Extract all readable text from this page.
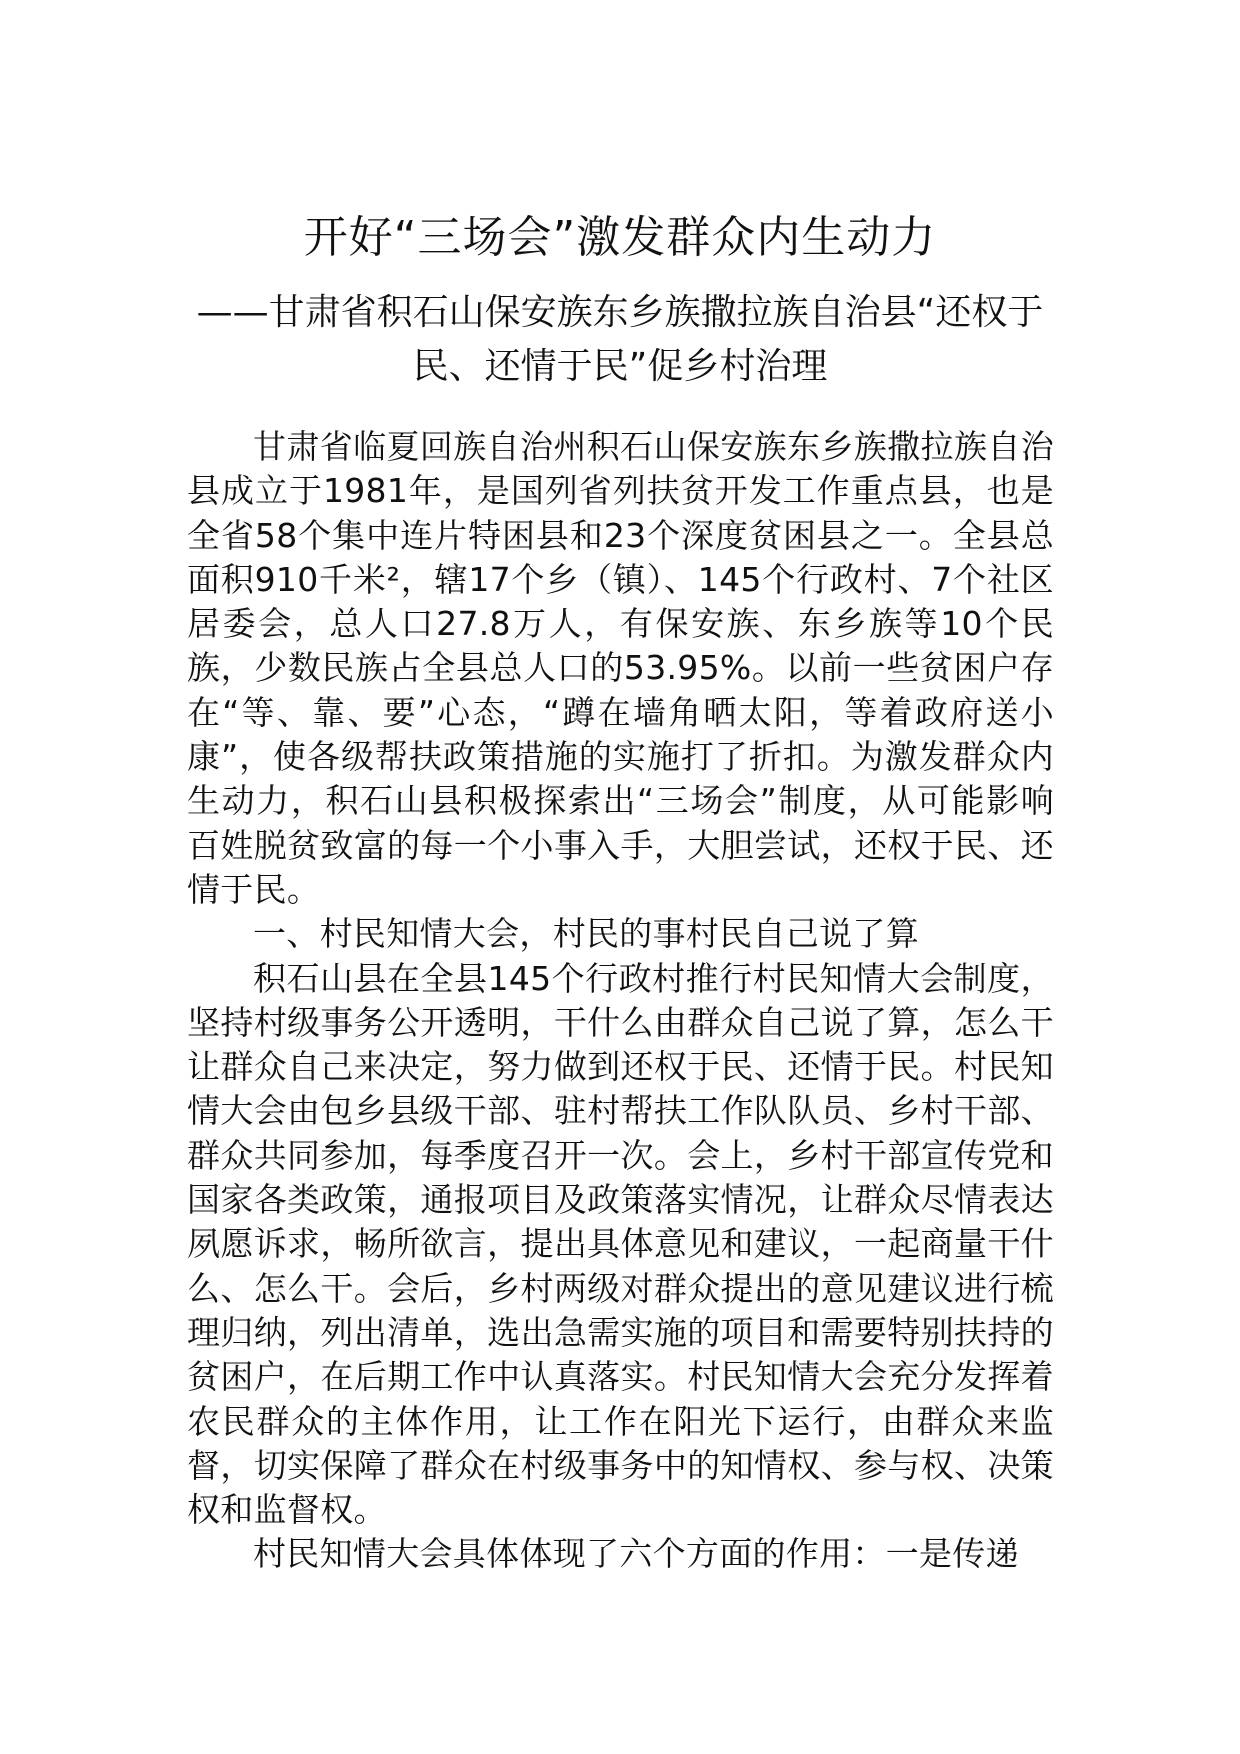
开好“三场会”激发群众内生动力
——甘肃省积石山保安族东乡族撒拉族自治县“还权于民、还情于民”促乡村治理

甘肃省临夏回族自治州积石山保安族东乡族撒拉族自治县成立于1981年，是国列省列扶贫开发工作重点县，也是全省58个集中连片特困县和23个深度贫困县之一。全县总面积910千米²，辖17个乡（镇）、145个行政村、7个社区居委会，总人口27.8万人，有保安族、东乡族等10个民族，少数民族占全县总人口的53.95%。以前一些贫困户存在“等、靠、要”心态，“蹲在墙角晒太阳，等着政府送小康”，使各级帮扶政策措施的实施打了折扣。为激发群众内生动力，积石山县积极探索出“三场会”制度，从可能影响百姓脱贫致富的每一个小事入手，大胆尝试，还权于民、还情于民。

一、村民知情大会，村民的事村民自己说了算

积石山县在全县145个行政村推行村民知情大会制度，坚持村级事务公开透明，干什么由群众自己说了算，怎么干让群众自己来决定，努力做到还权于民、还情于民。村民知情大会由包乡县级干部、驻村帮扶工作队队员、乡村干部、群众共同参加，每季度召开一次。会上，乡村干部宣传党和国家各类政策，通报项目及政策落实情况，让群众尽情表达夙愿诉求，畅所欲言，提出具体意见和建议，一起商量干什么、怎么干。会后，乡村两级对群众提出的意见建议进行梳理归纳，列出清单，选出急需实施的项目和需要特别扶持的贫困户，在后期工作中认真落实。村民知情大会充分发挥着农民群众的主体作用，让工作在阳光下运行，由群众来监督，切实保障了群众在村级事务中的知情权、参与权、决策权和监督权。

村民知情大会具体体现了六个方面的作用：一是传递
